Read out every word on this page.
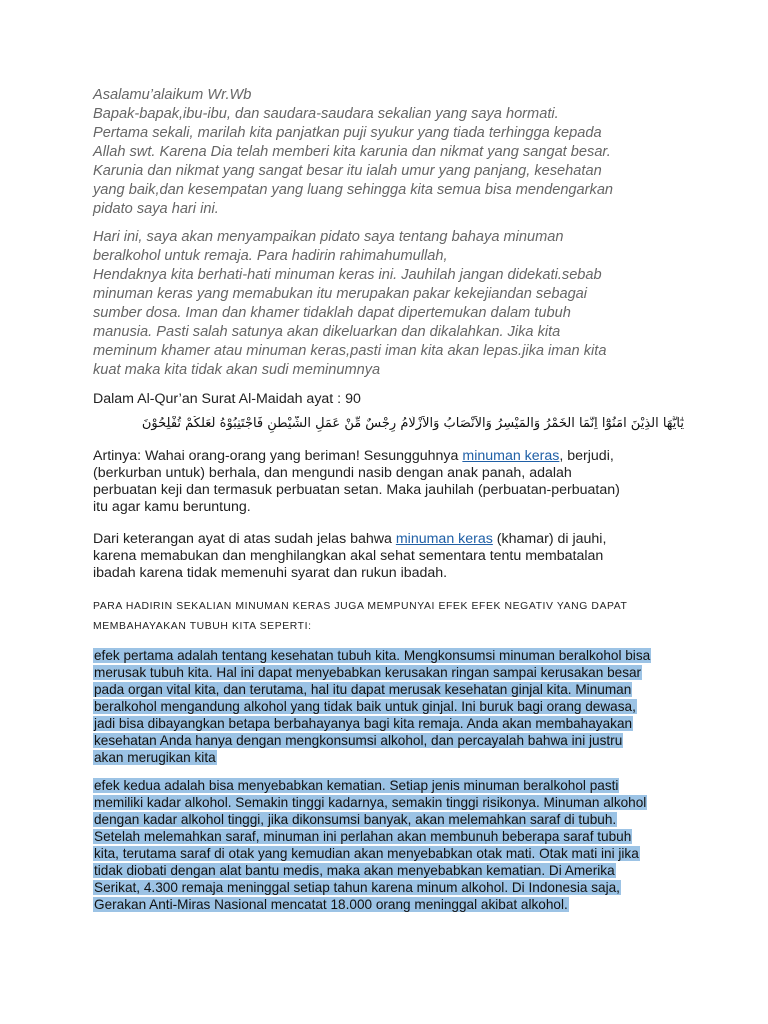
Asalamu’alaikum Wr.Wb
Bapak-bapak,ibu-ibu, dan saudara-saudara sekalian yang saya hormati.
Pertama sekali, marilah kita panjatkan puji syukur yang tiada terhingga kepada
Allah swt. Karena Dia telah memberi kita karunia dan nikmat yang sangat besar.
Karunia dan nikmat yang sangat besar itu ialah umur yang panjang, kesehatan
yang baik,dan kesempatan yang luang sehingga kita semua bisa mendengarkan
pidato saya hari ini.

Hari ini, saya akan menyampaikan pidato saya tentang bahaya minuman
beralkohol untuk remaja. Para hadirin rahimahumullah,
Hendaknya kita berhati-hati minuman keras ini. Jauhilah jangan didekati.sebab
minuman keras yang memabukan itu merupakan pakar kekejiandan sebagai
sumber dosa. Iman dan khamer tidaklah dapat dipertemukan dalam tubuh
manusia. Pasti salah satunya akan dikeluarkan dan dikalahkan. Jika kita
meminum khamer atau minuman keras,pasti iman kita akan lepas.jika iman kita
kuat maka kita tidak akan sudi meminumnya

Dalam Al-Qur’an Surat Al-Maidah ayat : 90
يٰٓاَيُّهَا الَّذِيْنَ اٰمَنُوْٓا اِنَّمَا الْخَمْرُ وَالْمَيْسِرُ وَالْاَنْصَابُ وَالْاَزْلَامُ رِجْسٌ مِّنْ عَمَلِ الشَّيْطٰنِ فَاجْتَنِبُوْهُ لَعَلَّكُمْ تُفْلِحُوْنَ

Artinya: Wahai orang-orang yang beriman! Sesungguhnya minuman keras, berjudi,
(berkurban untuk) berhala, dan mengundi nasib dengan anak panah, adalah
perbuatan keji dan termasuk perbuatan setan. Maka jauhilah (perbuatan-perbuatan)
itu agar kamu beruntung.

Dari keterangan ayat di atas sudah jelas bahwa minuman keras (khamar) di jauhi,
karena memabukan dan menghilangkan akal sehat sementara tentu membatalan
ibadah karena tidak memenuhi syarat dan rukun ibadah.

PARA HADIRIN SEKALIAN MINUMAN KERAS JUGA MEMPUNYAI EFEK EFEK NEGATIV YANG DAPAT
MEMBAHAYAKAN TUBUH KITA SEPERTI:
efek pertama adalah tentang kesehatan tubuh kita. Mengkonsumsi minuman beralkohol bisa
merusak tubuh kita. Hal ini dapat menyebabkan kerusakan ringan sampai kerusakan besar
pada organ vital kita, dan terutama, hal itu dapat merusak kesehatan ginjal kita. Minuman
beralkohol mengandung alkohol yang tidak baik untuk ginjal. Ini buruk bagi orang dewasa,
jadi bisa dibayangkan betapa berbahayanya bagi kita remaja. Anda akan membahayakan
kesehatan Anda hanya dengan mengkonsumsi alkohol, dan percayalah bahwa ini justru
akan merugikan kita
efek kedua adalah bisa menyebabkan kematian. Setiap jenis minuman beralkohol pasti
memiliki kadar alkohol. Semakin tinggi kadarnya, semakin tinggi risikonya. Minuman alkohol
dengan kadar alkohol tinggi, jika dikonsumsi banyak, akan melemahkan saraf di tubuh.
Setelah melemahkan saraf, minuman ini perlahan akan membunuh beberapa saraf tubuh
kita, terutama saraf di otak yang kemudian akan menyebabkan otak mati. Otak mati ini jika
tidak diobati dengan alat bantu medis, maka akan menyebabkan kematian. Di Amerika
Serikat, 4.300 remaja meninggal setiap tahun karena minum alkohol. Di Indonesia saja,
Gerakan Anti-Miras Nasional mencatat 18.000 orang meninggal akibat alkohol.
